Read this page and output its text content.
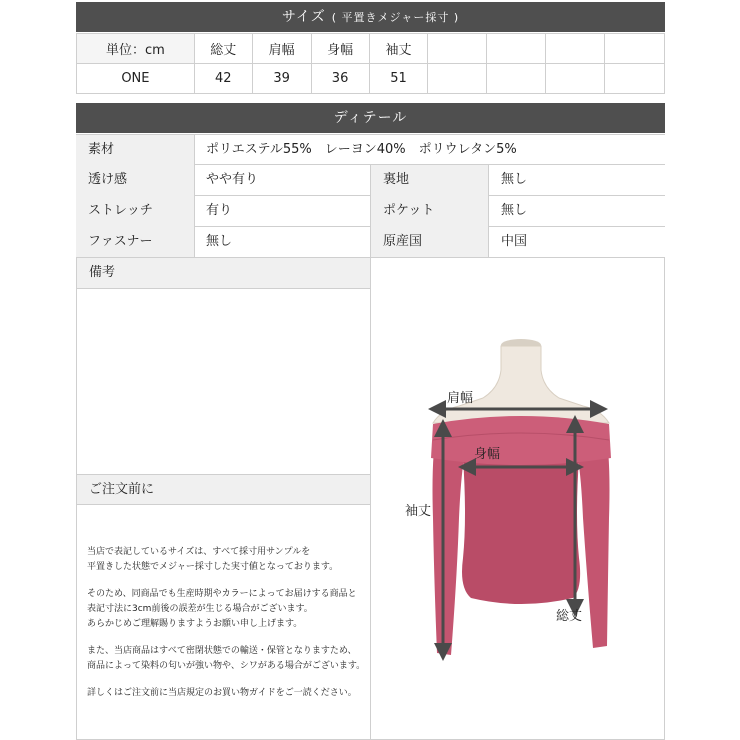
サイズ ( 平置きメジャー採寸 )
単位：cm	総丈	肩幅	身幅	袖丈				
ONE	42	39	36	51				
ディテール
素材	ポリエステル55%　レーヨン40%　ポリウレタン5%
透け感	やや有り	裏地	無し
ストレッチ	有り	ポケット	無し
ファスナー	無し	原産国	中国
備考
ご注文前に

当店で表記しているサイズは、すべて採寸用サンプルを
平置きした状態でメジャー採寸した実寸値となっております。

そのため、同商品でも生産時期やカラーによってお届けする商品と
表記寸法に3cm前後の誤差が生じる場合がございます。
あらかじめご理解賜りますようお願い申し上げます。

また、当店商品はすべて密閉状態での輸送・保管となりますため、
商品によって染料の匂いが強い物や、シワがある場合がございます。

詳しくはご注文前に当店規定のお買い物ガイドをご一読ください。

肩幅
身幅
袖丈
総丈
